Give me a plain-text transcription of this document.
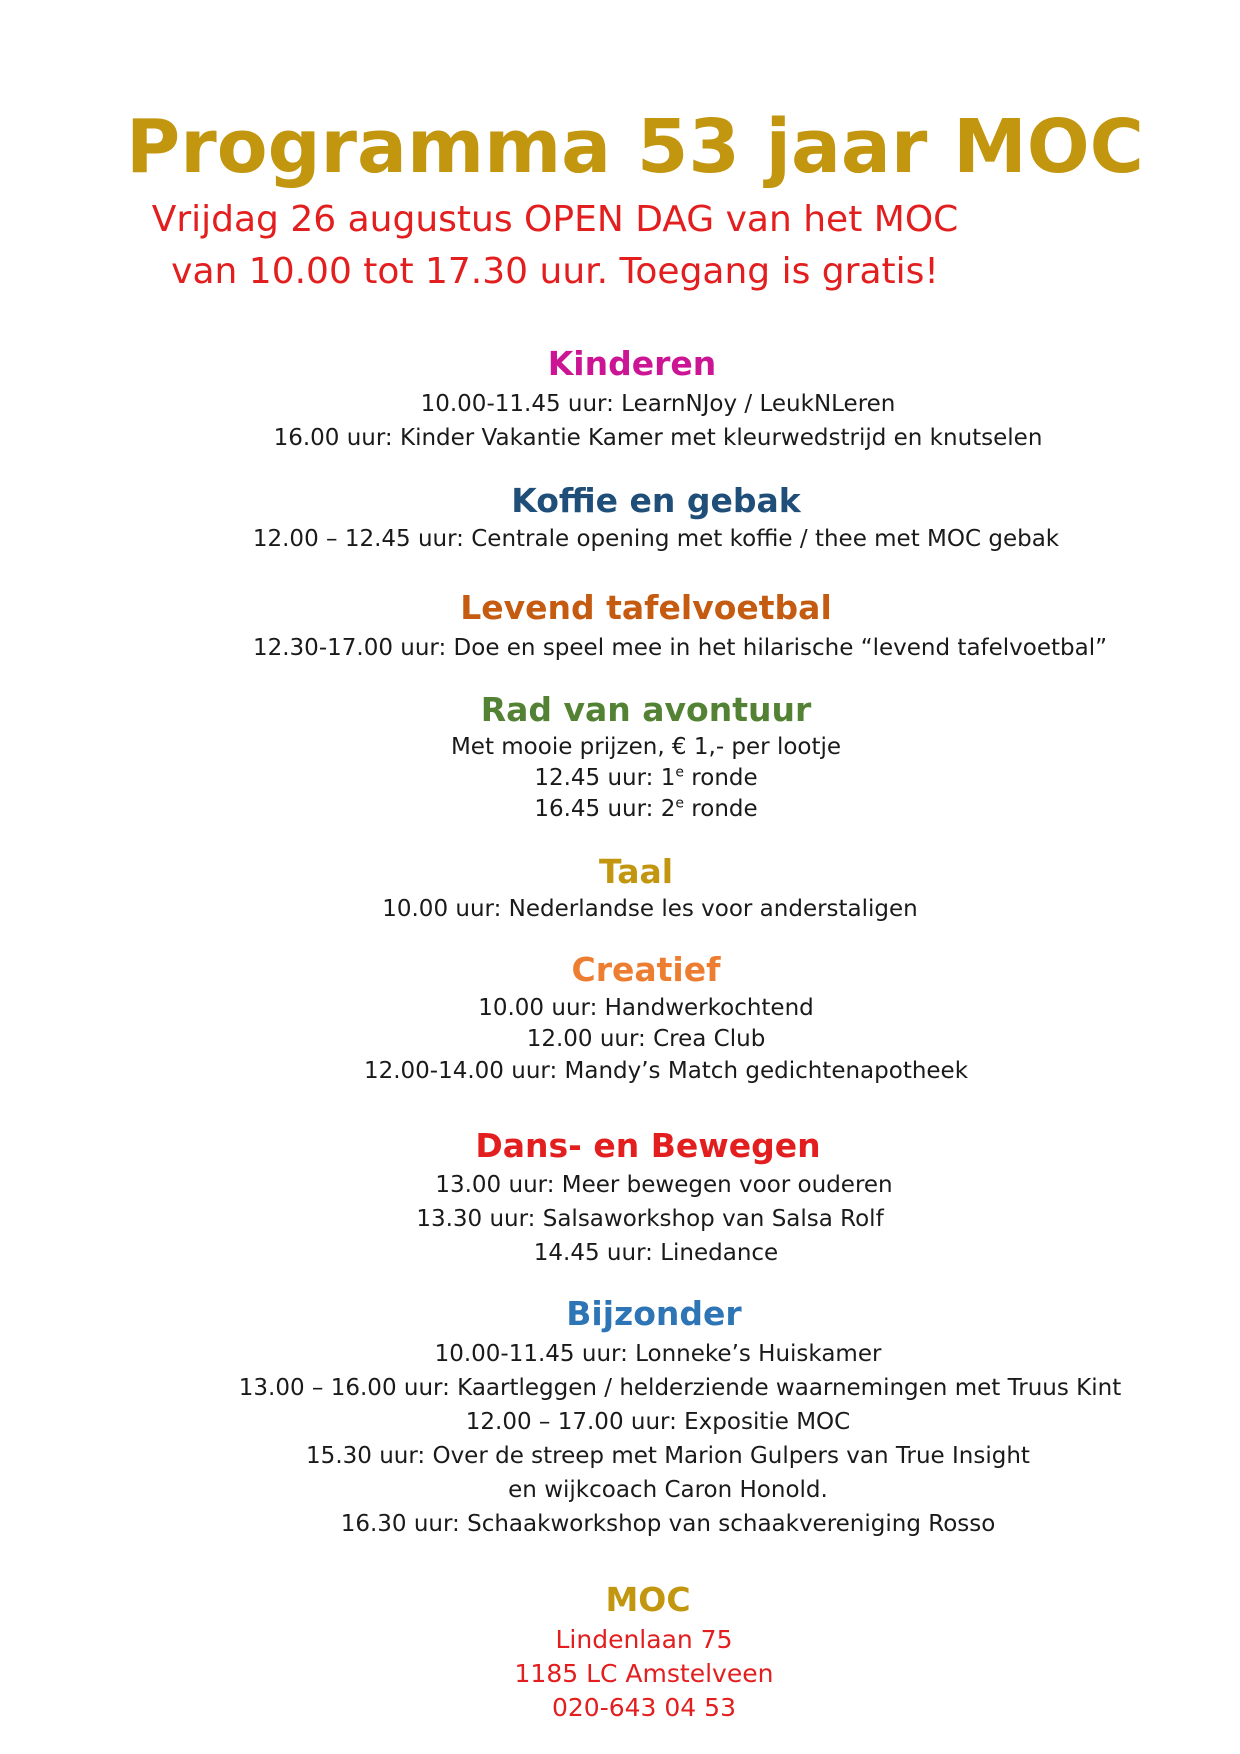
Programma 53 jaar MOC
Vrijdag 26 augustus OPEN DAG van het MOC
van 10.00 tot 17.30 uur. Toegang is gratis!
Kinderen
10.00-11.45 uur: LearnNJoy / LeukNLeren
16.00 uur: Kinder Vakantie Kamer met kleurwedstrijd en knutselen
Koffie en gebak
12.00 – 12.45 uur: Centrale opening met koffie / thee met MOC gebak
Levend tafelvoetbal
12.30-17.00 uur: Doe en speel mee in het hilarische “levend tafelvoetbal”
Rad van avontuur
Met mooie prijzen, € 1,- per lootje
12.45 uur: 1e ronde
16.45 uur: 2e ronde
Taal
10.00 uur: Nederlandse les voor anderstaligen
Creatief
10.00 uur: Handwerkochtend
12.00 uur: Crea Club
12.00-14.00 uur: Mandy’s Match gedichtenapotheek
Dans- en Bewegen
13.00 uur: Meer bewegen voor ouderen
13.30 uur: Salsaworkshop van Salsa Rolf
14.45 uur: Linedance
Bijzonder
10.00-11.45 uur: Lonneke’s Huiskamer
13.00 – 16.00 uur: Kaartleggen / helderziende waarnemingen met Truus Kint
12.00 – 17.00 uur: Expositie MOC
15.30 uur: Over de streep met Marion Gulpers van True Insight
en wijkcoach Caron Honold.
16.30 uur: Schaakworkshop van schaakvereniging Rosso
MOC
Lindenlaan 75
1185 LC Amstelveen
020-643 04 53
